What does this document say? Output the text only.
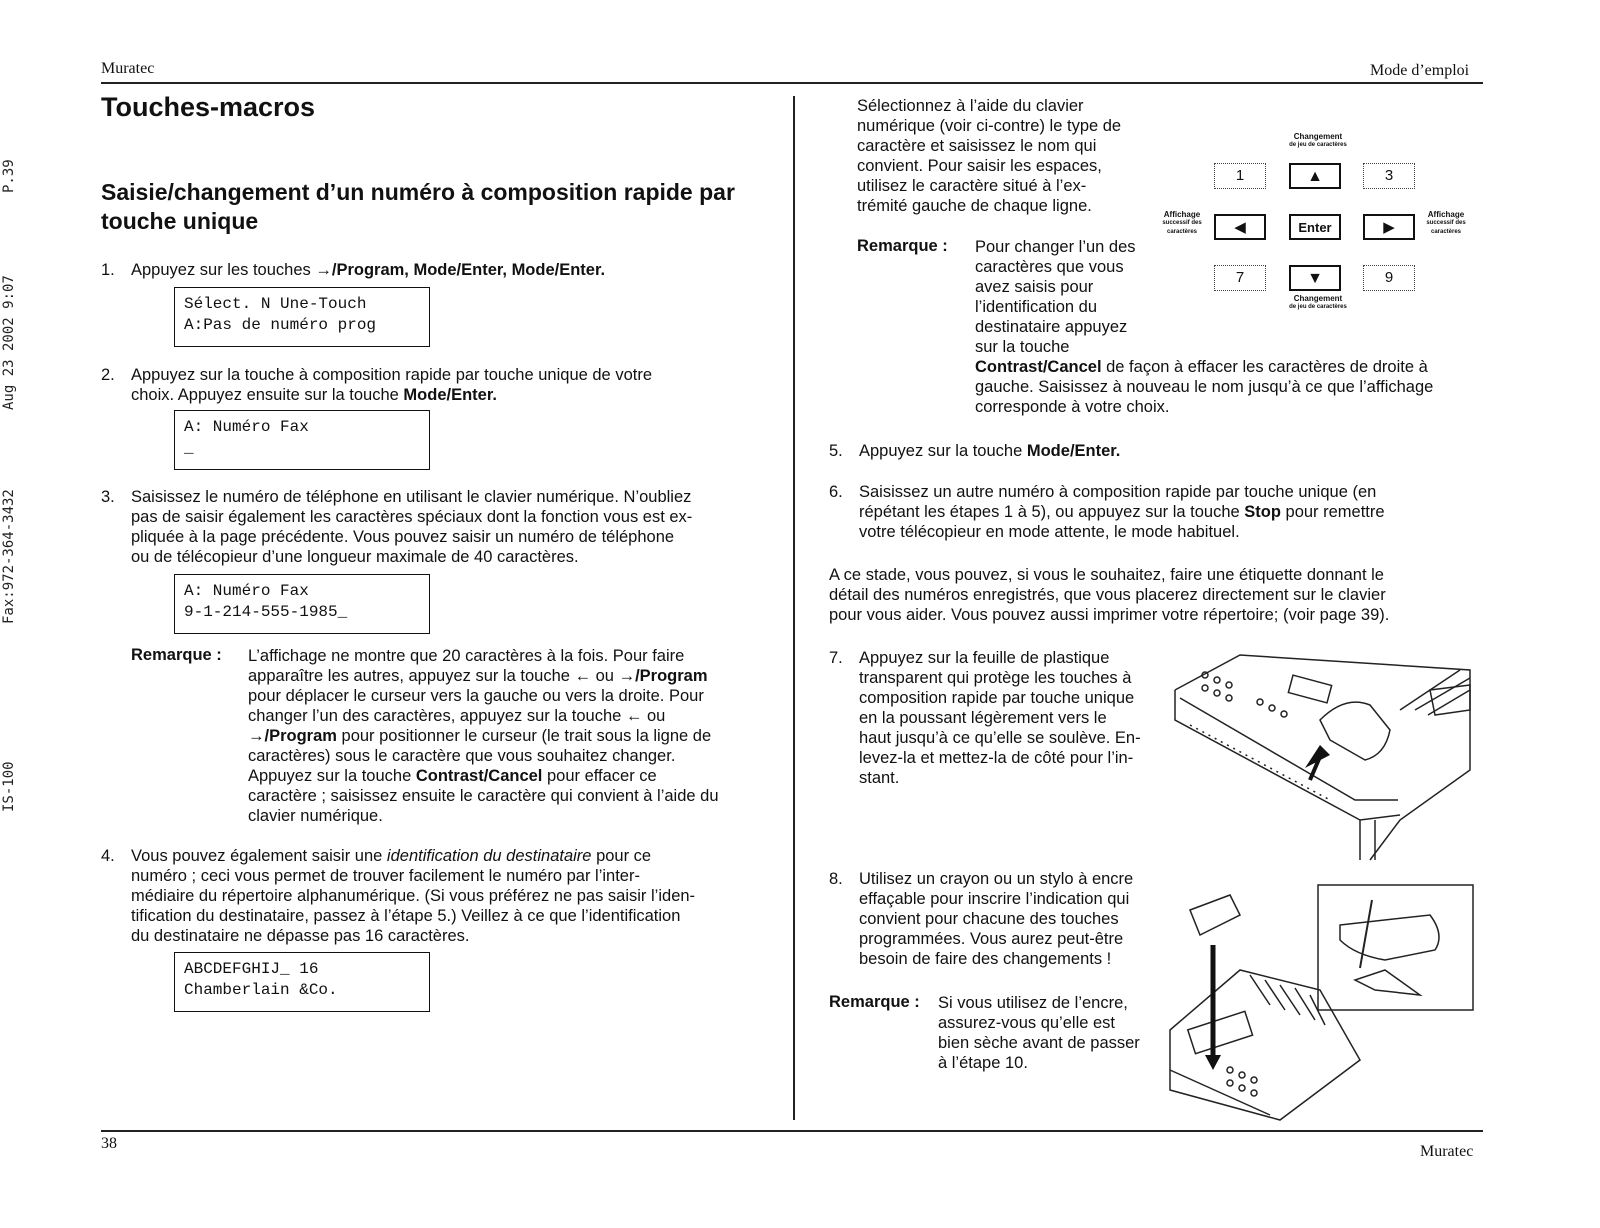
P.39
Aug 23 2002 9:07
Fax:972-364-3432
IS-100
Muratec	Mode d’emploi
38	Muratec
Touches-macros
Saisie/changement d’un numéro à composition rapide par touche unique
1. Appuyez sur les touches →/Program, Mode/Enter, Mode/Enter.
Sélect. N Une-Touch
A:Pas de numéro prog
2. Appuyez sur la touche à composition rapide par touche unique de votre
choix. Appuyez ensuite sur la touche Mode/Enter.
A: Numéro Fax
_
3. Saisissez le numéro de téléphone en utilisant le clavier numérique. N’oubliez
pas de saisir également les caractères spéciaux dont la fonction vous est ex-
pliquée à la page précédente. Vous pouvez saisir un numéro de téléphone
ou de télécopieur d’une longueur maximale de 40 caractères.
A: Numéro Fax
9-1-214-555-1985_
Remarque : L’affichage ne montre que 20 caractères à la fois. Pour faire
apparaître les autres, appuyez sur la touche ← ou →/Program
pour déplacer le curseur vers la gauche ou vers la droite. Pour
changer l’un des caractères, appuyez sur la touche ← ou
→/Program pour positionner le curseur (le trait sous la ligne de
caractères) sous le caractère que vous souhaitez changer.
Appuyez sur la touche Contrast/Cancel pour effacer ce
caractère ; saisissez ensuite le caractère qui convient à l’aide du
clavier numérique.
4. Vous pouvez également saisir une identification du destinataire pour ce
numéro ; ceci vous permet de trouver facilement le numéro par l’inter-
médiaire du répertoire alphanumérique. (Si vous préférez ne pas saisir l’iden-
tification du destinataire, passez à l’étape 5.) Veillez à ce que l’identification
du destinataire ne dépasse pas 16 caractères.
ABCDEFGHIJ_ 16
Chamberlain &Co.
Sélectionnez à l’aide du clavier
numérique (voir ci-contre) le type de
caractère et saisissez le nom qui
convient. Pour saisir les espaces,
utilisez le caractère situé à l’ex-
trémité gauche de chaque ligne.
Changement
de jeu de caractères
1	▲	3
Affichage
successif des caractères	◀	Enter	▶
Affichage
successif des caractères
7	▼	9
Changement
de jeu de caractères
Remarque : Pour changer l’un des
caractères que vous
avez saisis pour
l’identification du
destinataire appuyez
sur la touche
Contrast/Cancel de façon à effacer les caractères de droite à
gauche. Saisissez à nouveau le nom jusqu’à ce que l’affichage
corresponde à votre choix.
5. Appuyez sur la touche Mode/Enter.
6. Saisissez un autre numéro à composition rapide par touche unique (en
répétant les étapes 1 à 5), ou appuyez sur la touche Stop pour remettre
votre télécopieur en mode attente, le mode habituel.
A ce stade, vous pouvez, si vous le souhaitez, faire une étiquette donnant le
détail des numéros enregistrés, que vous placerez directement sur le clavier
pour vous aider. Vous pouvez aussi imprimer votre répertoire; (voir page 39).
7. Appuyez sur la feuille de plastique
transparent qui protège les touches à
composition rapide par touche unique
en la poussant légèrement vers le
haut jusqu’à ce qu’elle se soulève. En-
levez-la et mettez-la de côté pour l’in-
stant.
8. Utilisez un crayon ou un stylo à encre
effaçable pour inscrire l’indication qui
convient pour chacune des touches
programmées. Vous aurez peut-être
besoin de faire des changements !
Remarque : Si vous utilisez de l’encre,
assurez-vous qu’elle est
bien sèche avant de passer
à l’étape 10.
